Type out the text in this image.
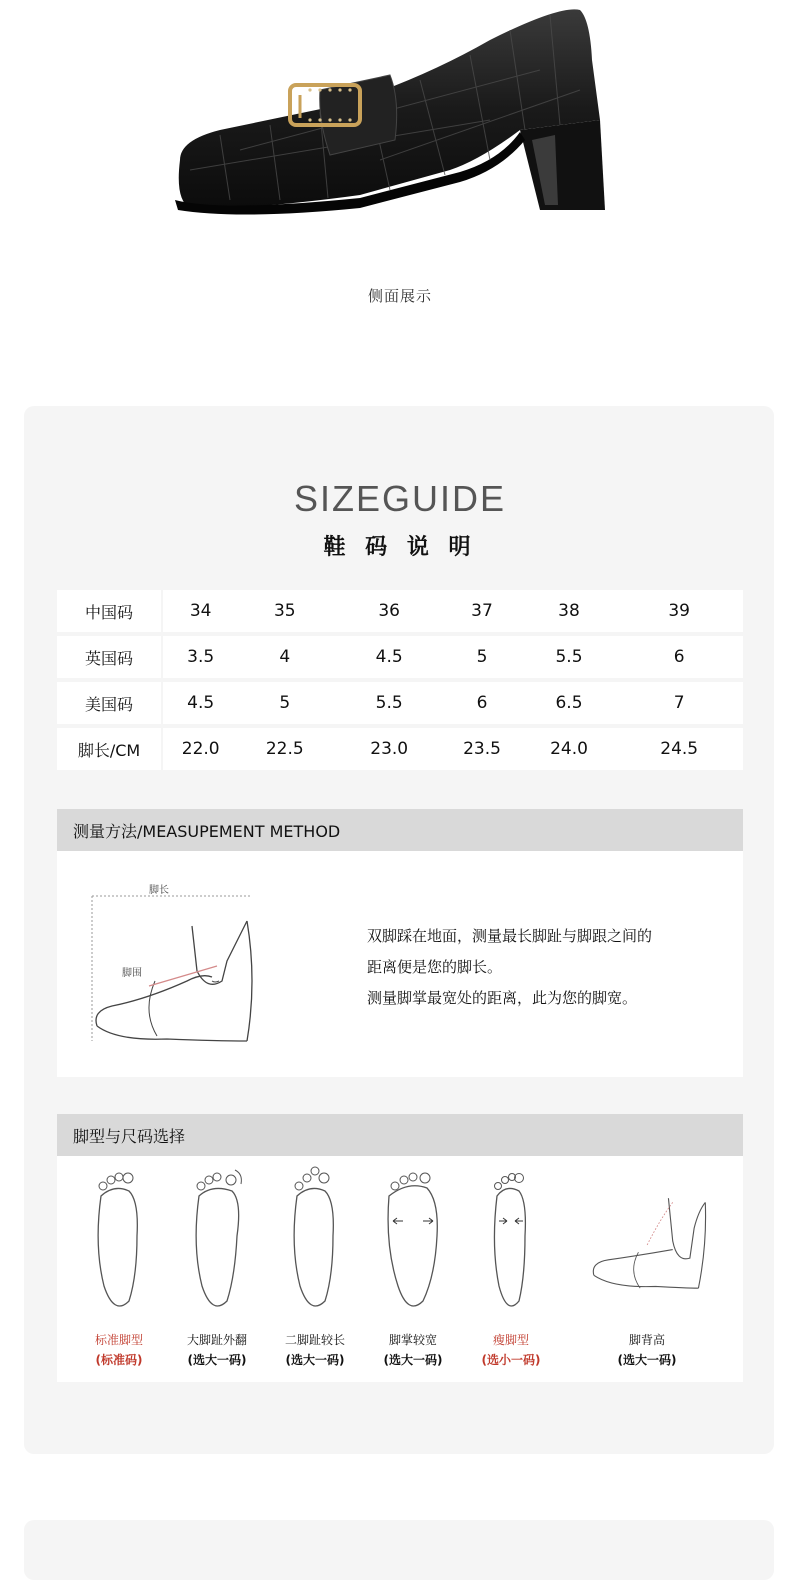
侧面展示
SIZEGUIDE
鞋 码 说 明
中国码	34	35	36	37	38	39
英国码	3.5	4	4.5	5	5.5	6
美国码	4.5	5	5.5	6	6.5	7
脚长/CM	22.0	22.5	23.0	23.5	24.0	24.5
测量方法/MEASUPEMENT METHOD
脚长
脚围
双脚踩在地面，测量最长脚趾与脚跟之间的
距离便是您的脚长。
测量脚掌最宽处的距离，此为您的脚宽。
脚型与尺码选择
标准脚型
(标准码)
大脚趾外翻
(选大一码)
二脚趾较长
(选大一码)
脚掌较宽
(选大一码)
瘦脚型
(选小一码)
脚背高
(选大一码)
